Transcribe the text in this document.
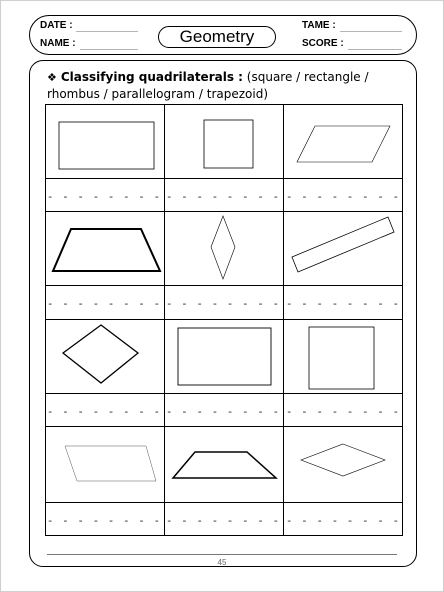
DATE :
NAME :	Geometry
TAME :
SCORE :
❖ Classifying quadrilaterals : (square / rectangle / rhombus / parallelogram / trapezoid)
- - - - - - - - - - - - - - - - - - - - - - - -
- - - - - - - - - - - - - - - - - - - - - - - -
- - - - - - - - - - - - - - - - - - - - - - - -
- - - - - - - - - - - - - - - - - - - - - - - -
45
